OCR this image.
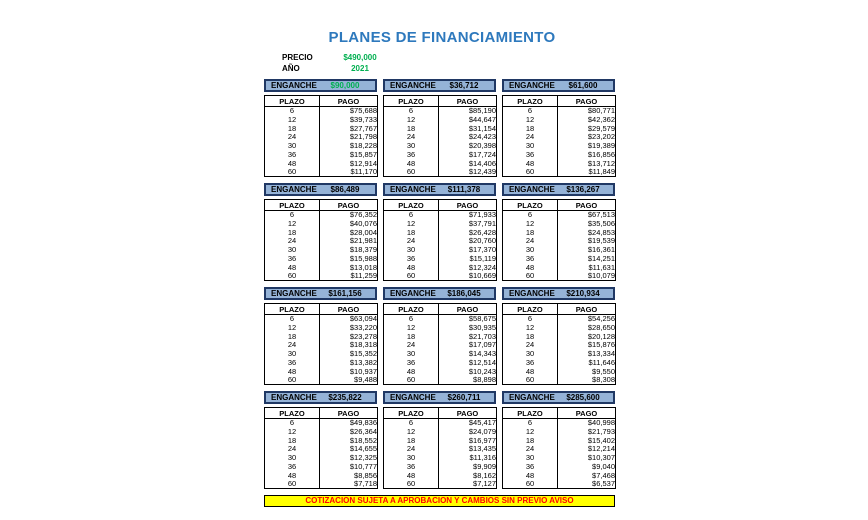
PLANES DE FINANCIAMIENTO
PRECIO	$490,000
AÑO	2021
ENGANCHE	$90,000
PLAZO	PAGO
6	$75,688
12	$39,733
18	$27,767
24	$21,798
30	$18,228
36	$15,857
48	$12,914
60	$11,170
ENGANCHE	$36,712
PLAZO	PAGO
6	$85,190
12	$44,647
18	$31,154
24	$24,423
30	$20,398
36	$17,724
48	$14,406
60	$12,439
ENGANCHE	$61,600
PLAZO	PAGO
6	$80,771
12	$42,362
18	$29,579
24	$23,202
30	$19,389
36	$16,856
48	$13,712
60	$11,849
ENGANCHE	$86,489
PLAZO	PAGO
6	$76,352
12	$40,076
18	$28,004
24	$21,981
30	$18,379
36	$15,988
48	$13,018
60	$11,259
ENGANCHE	$111,378
PLAZO	PAGO
6	$71,933
12	$37,791
18	$26,428
24	$20,760
30	$17,370
36	$15,119
48	$12,324
60	$10,669
ENGANCHE	$136,267
PLAZO	PAGO
6	$67,513
12	$35,506
18	$24,853
24	$19,539
30	$16,361
36	$14,251
48	$11,631
60	$10,079
ENGANCHE	$161,156
PLAZO	PAGO
6	$63,094
12	$33,220
18	$23,278
24	$18,318
30	$15,352
36	$13,382
48	$10,937
60	$9,488
ENGANCHE	$186,045
PLAZO	PAGO
6	$58,675
12	$30,935
18	$21,703
24	$17,097
30	$14,343
36	$12,514
48	$10,243
60	$8,898
ENGANCHE	$210,934
PLAZO	PAGO
6	$54,256
12	$28,650
18	$20,128
24	$15,876
30	$13,334
36	$11,646
48	$9,550
60	$8,308
ENGANCHE	$235,822
PLAZO	PAGO
6	$49,836
12	$26,364
18	$18,552
24	$14,655
30	$12,325
36	$10,777
48	$8,856
60	$7,718
ENGANCHE	$260,711
PLAZO	PAGO
6	$45,417
12	$24,079
18	$16,977
24	$13,435
30	$11,316
36	$9,909
48	$8,162
60	$7,127
ENGANCHE	$285,600
PLAZO	PAGO
6	$40,998
12	$21,793
18	$15,402
24	$12,214
30	$10,307
36	$9,040
48	$7,468
60	$6,537
COTIZACION SUJETA A APROBACION Y CAMBIOS SIN PREVIO AVISO
